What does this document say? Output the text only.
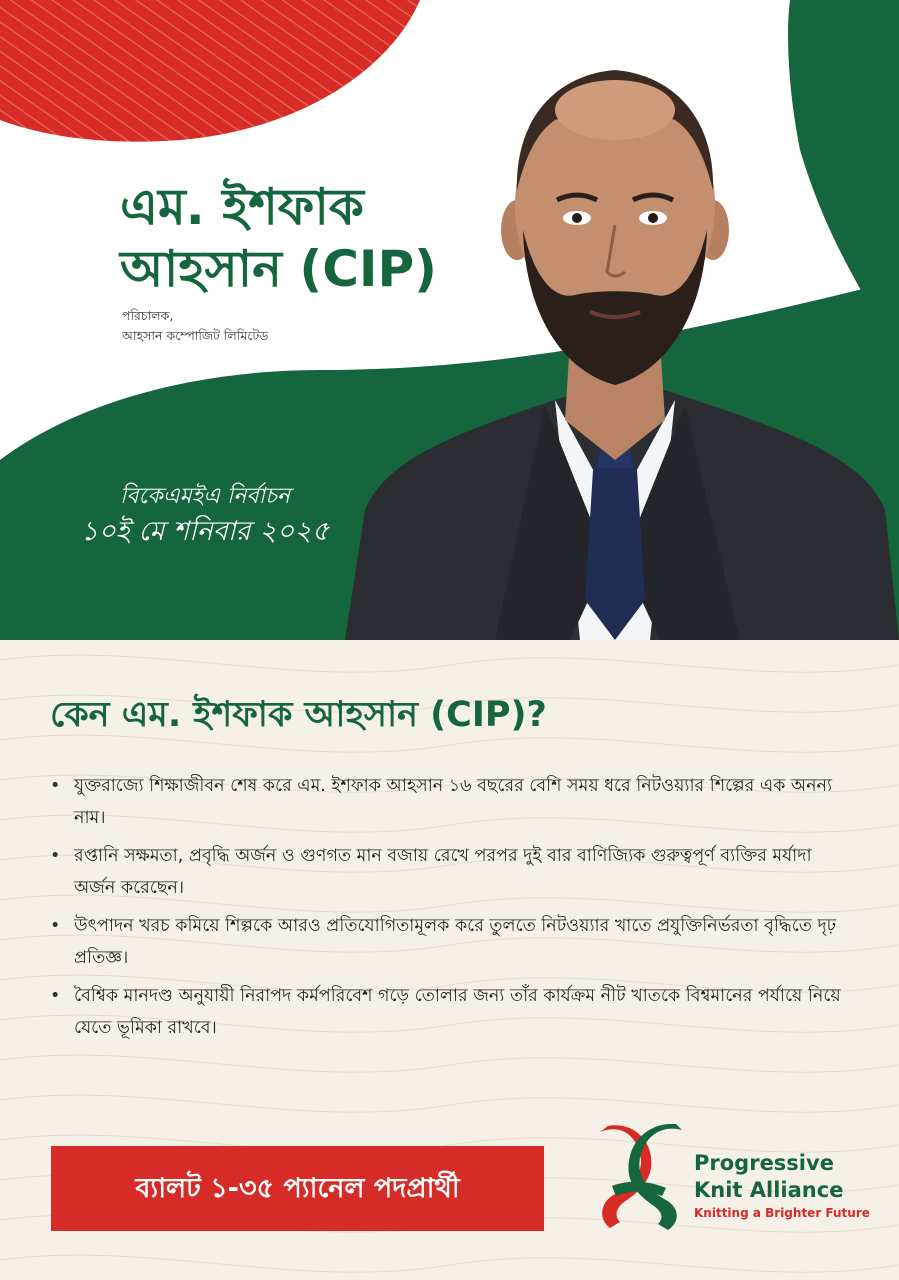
এম. ইশফাক
আহসান (CIP)
পরিচালক,
আহসান কম্পোজিট লিমিটেড
বিকেএমইএ নির্বাচন
১০ই মে শনিবার ২০২৫
কেন এম. ইশফাক আহসান (CIP)?
• যুক্তরাজ্যে শিক্ষাজীবন শেষ করে এম. ইশফাক আহসান ১৬ বছরের বেশি সময় ধরে নিটওয়্যার শিল্পের এক অনন্য নাম।
• রপ্তানি সক্ষমতা, প্রবৃদ্ধি অর্জন ও গুণগত মান বজায় রেখে পরপর দুই বার বাণিজ্যিক গুরুত্বপূর্ণ ব্যক্তির মর্যাদা অর্জন করেছেন।
• উৎপাদন খরচ কমিয়ে শিল্পকে আরও প্রতিযোগিতামূলক করে তুলতে নিটওয়্যার খাতে প্রযুক্তিনির্ভরতা বৃদ্ধিতে দৃঢ় প্রতিজ্ঞ।
• বৈশ্বিক মানদণ্ড অনুযায়ী নিরাপদ কর্মপরিবেশ গড়ে তোলার জন্য তাঁর কার্যক্রম নীট খাতকে বিশ্বমানের পর্যায়ে নিয়ে যেতে ভূমিকা রাখবে।
ব্যালট ১-৩৫ প্যানেল পদপ্রার্থী
Progressive
Knit Alliance
Knitting a Brighter Future
